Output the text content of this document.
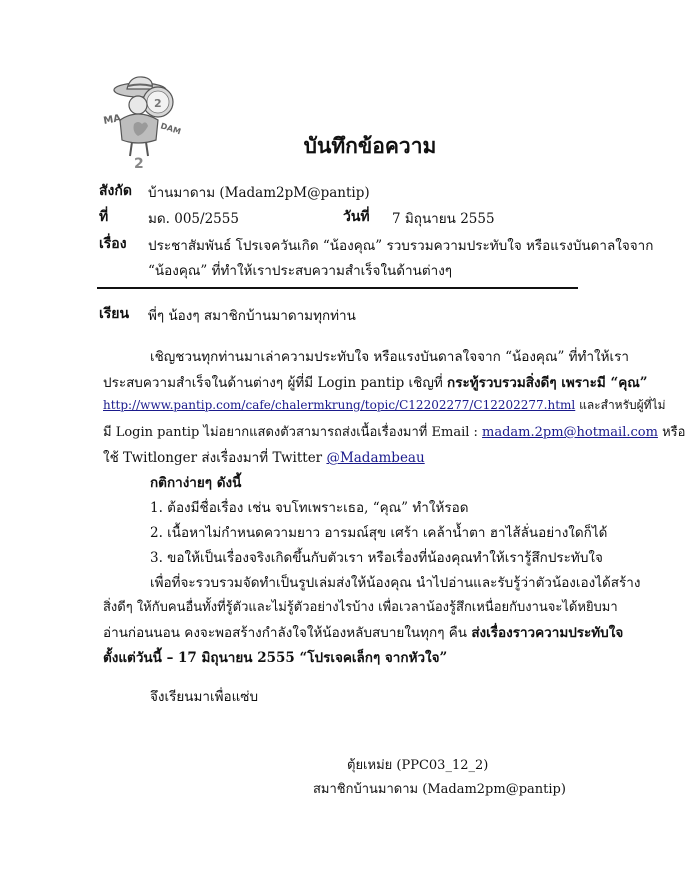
MA
DAM
2
2
บันทึกข้อความ
สังกัด บ้านมาดาม (Madam2pM@pantip)
ที่	มด. 005/2555	วันที่ 7 มิถุนายน 2555
เรื่อง ประชาสัมพันธ์ โปรเจควันเกิด “น้องคุณ” รวบรวมความประทับใจ หรือแรงบันดาลใจจาก
“น้องคุณ” ที่ทำให้เราประสบความสำเร็จในด้านต่างๆ
เรียน พี่ๆ น้องๆ สมาชิกบ้านมาดามทุกท่าน
เชิญชวนทุกท่านมาเล่าความประทับใจ หรือแรงบันดาลใจจาก “น้องคุณ” ที่ทำให้เรา
ประสบความสำเร็จในด้านต่างๆ ผู้ที่มี Login pantip เชิญที่ กระทู้รวบรวมสิ่งดีๆ เพราะมี “คุณ”
http://www.pantip.com/cafe/chalermkrung/topic/C12202277/C12202277.html และสำหรับผู้ที่ไม่
มี Login pantip ไม่อยากแสดงตัวสามารถส่งเนื้อเรื่องมาที่ Email : madam.2pm@hotmail.com หรือ
ใช้ Twitlonger ส่งเรื่องมาที่ Twitter @Madambeau
กติกาง่ายๆ ดังนี้
1. ต้องมีชื่อเรื่อง เช่น จบโทเพราะเธอ, “คุณ” ทำให้รอด
2. เนื้อหาไม่กำหนดความยาว อารมณ์สุข เศร้า เคล้าน้ำตา ฮาไส้ลั่นอย่างใดก็ได้
3. ขอให้เป็นเรื่องจริงเกิดขึ้นกับตัวเรา หรือเรื่องที่น้องคุณทำให้เรารู้สึกประทับใจ
เพื่อที่จะรวบรวมจัดทำเป็นรูปเล่มส่งให้น้องคุณ นำไปอ่านและรับรู้ว่าตัวน้องเองได้สร้าง
สิ่งดีๆ ให้กับคนอื่นทั้งที่รู้ตัวและไม่รู้ตัวอย่างไรบ้าง เพื่อเวลาน้องรู้สึกเหนื่อยกับงานจะได้หยิบมา
อ่านก่อนนอน คงจะพอสร้างกำลังใจให้น้องหลับสบายในทุกๆ คืน ส่งเรื่องราวความประทับใจ
ตั้งแต่วันนี้ – 17 มิถุนายน 2555 “โปรเจคเล็กๆ จากหัวใจ”
จึงเรียนมาเพื่อแซ่บ
ตุ้ยเหม่ย (PPC03_12_2)
สมาชิกบ้านมาดาม (Madam2pm@pantip)
